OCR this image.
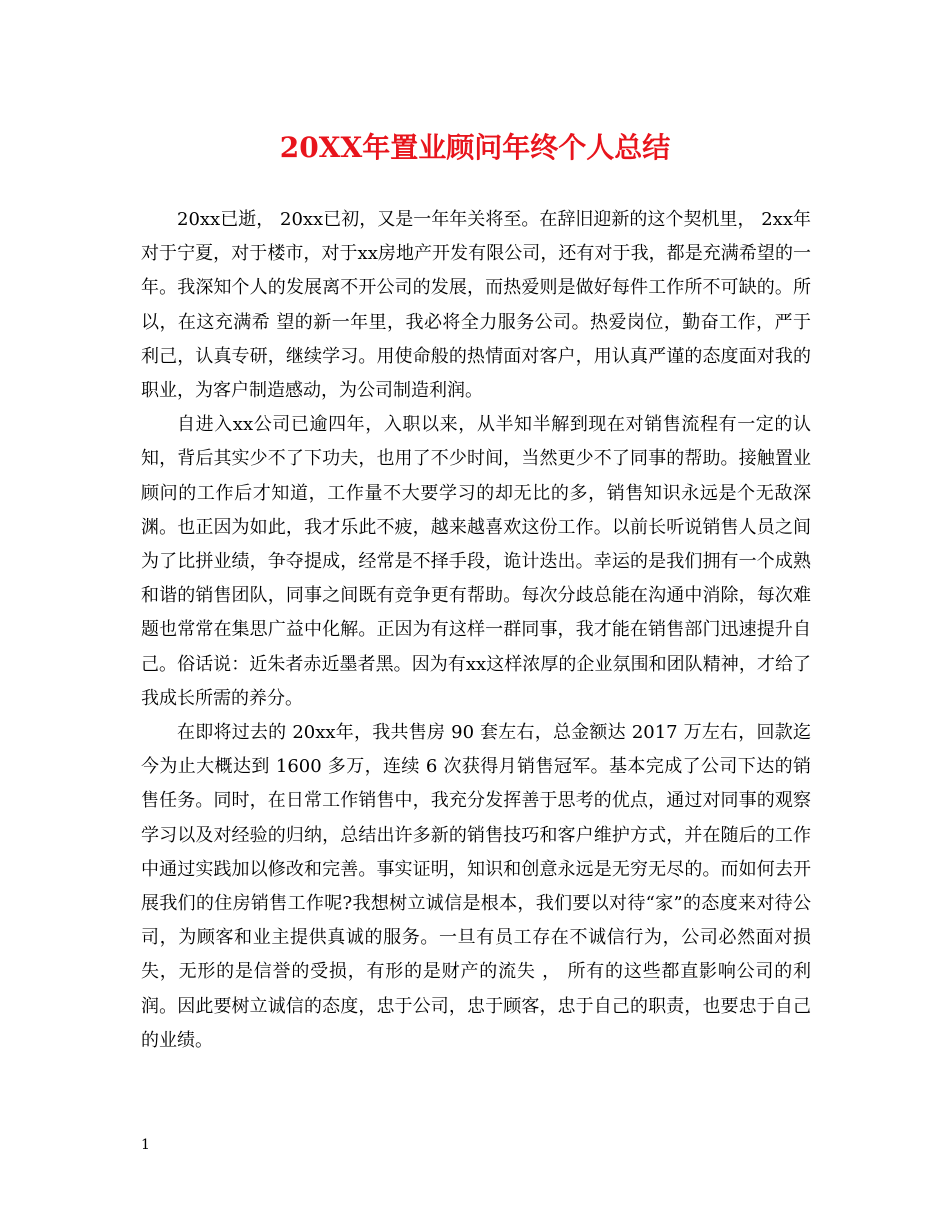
20XX年置业顾问年终个人总结

20xx已逝， 20xx已初，又是一年年关将至。在辞旧迎新的这个契机里， 2xx年对于宁夏，对于楼市，对于xx房地产开发有限公司，还有对于我，都是充满希望的一年。我深知个人的发展离不开公司的发展，而热爱则是做好每件工作所不可缺的。所以，在这充满希 望的新一年里，我必将全力服务公司。热爱岗位，勤奋工作，严于利己，认真专研，继续学习。用使命般的热情面对客户，用认真严谨的态度面对我的职业，为客户制造感动，为公司制造利润。

自进入xx公司已逾四年，入职以来，从半知半解到现在对销售流程有一定的认知，背后其实少不了下功夫，也用了不少时间，当然更少不了同事的帮助。接触置业顾问的工作后才知道，工作量不大要学习的却无比的多，销售知识永远是个无敌深渊。也正因为如此，我才乐此不疲，越来越喜欢这份工作。以前长听说销售人员之间为了比拼业绩，争夺提成，经常是不择手段，诡计迭出。幸运的是我们拥有一个成熟和谐的销售团队，同事之间既有竞争更有帮助。每次分歧总能在沟通中消除，每次难题也常常在集思广益中化解。正因为有这样一群同事，我才能在销售部门迅速提升自己。俗话说：近朱者赤近墨者黑。因为有xx这样浓厚的企业氛围和团队精神，才给了我成长所需的养分。

在即将过去的 20xx年，我共售房 90 套左右，总金额达 2017 万左右，回款迄今为止大概达到 1600 多万，连续 6 次获得月销售冠军。基本完成了公司下达的销售任务。同时，在日常工作销售中，我充分发挥善于思考的优点，通过对同事的观察学习以及对经验的归纳，总结出许多新的销售技巧和客户维护方式，并在随后的工作中通过实践加以修改和完善。事实证明，知识和创意永远是无穷无尽的。而如何去开展我们的住房销售工作呢?我想树立诚信是根本，我们要以对待“家”的态度来对待公司，为顾客和业主提供真诚的服务。一旦有员工存在不诚信行为，公司必然面对损失，无形的是信誉的受损，有形的是财产的流失 ， 所有的这些都直影响公司的利润。因此要树立诚信的态度，忠于公司，忠于顾客，忠于自己的职责，也要忠于自己的业绩。

1
